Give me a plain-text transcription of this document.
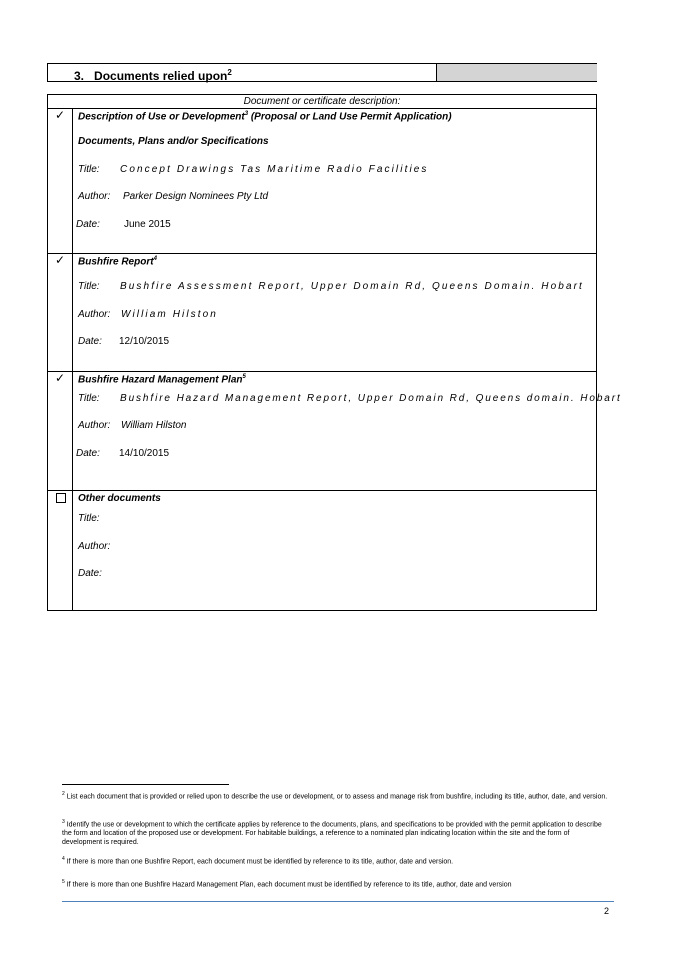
3. Documents relied upon$^2$
Document or certificate description:
✓ Description of Use or Development$^3$ (Proposal or Land Use Permit Application)
Documents, Plans and/or Specifications
Title: Concept Drawings Tas Maritime Radio Facilities
Author: Parker Design Nominees Pty Ltd
Date: June 2015
✓ Bushfire Report$^4$
Title: Bushfire Assessment Report, Upper Domain Rd, Queens Domain. Hobart
Author: William Hilston
Date: 12/10/2015
✓ Bushfire Hazard Management Plan$^5$
Title: Bushfire Hazard Management Report, Upper Domain Rd, Queens domain. Hobart
Author: William Hilston
Date: 14/10/2015
Other documents
Title:
Author:
Date:
$^2$ List each document that is provided or relied upon to describe the use or development, or to assess and manage risk from bushfire, including its title, author, date, and version.
$^3$ Identify the use or development to which the certificate applies by reference to the documents, plans, and specifications to be provided with the permit application to describe the form and location of the proposed use or development. For habitable buildings, a reference to a nominated plan indicating location within the site and the form of development is required.
$^4$ If there is more than one Bushfire Report, each document must be identified by reference to its title, author, date and version.
$^5$ If there is more than one Bushfire Hazard Management Plan, each document must be identified by reference to its title, author, date and version
2
